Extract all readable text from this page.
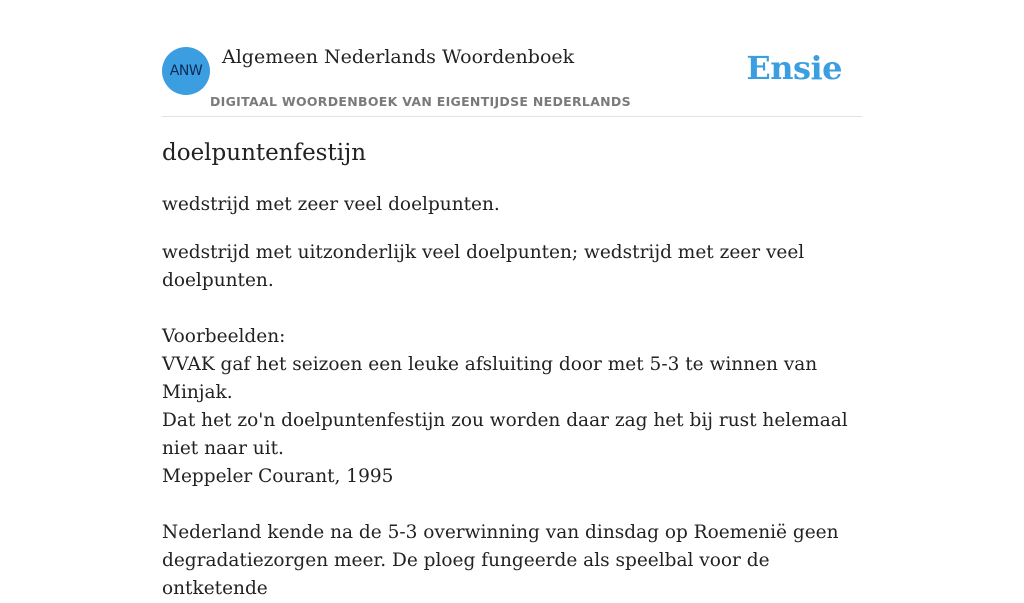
ANW
Algemeen Nederlands Woordenboek
DIGITAAL WOORDENBOEK VAN EIGENTIJDSE NEDERLANDS
Ensie
doelpuntenfestijn
wedstrijd met zeer veel doelpunten.

wedstrijd met uitzonderlijk veel doelpunten; wedstrijd met zeer veel doelpunten.

Voorbeelden:

VVAK gaf het seizoen een leuke afsluiting door met 5-3 te winnen van Minjak.

Dat het zo'n doelpuntenfestijn zou worden daar zag het bij rust helemaal niet naar uit.

Meppeler Courant, 1995

Nederland kende na de 5-3 overwinning van dinsdag op Roemenië geen degradatiezorgen meer. De ploeg fungeerde als speelbal voor de ontketende
